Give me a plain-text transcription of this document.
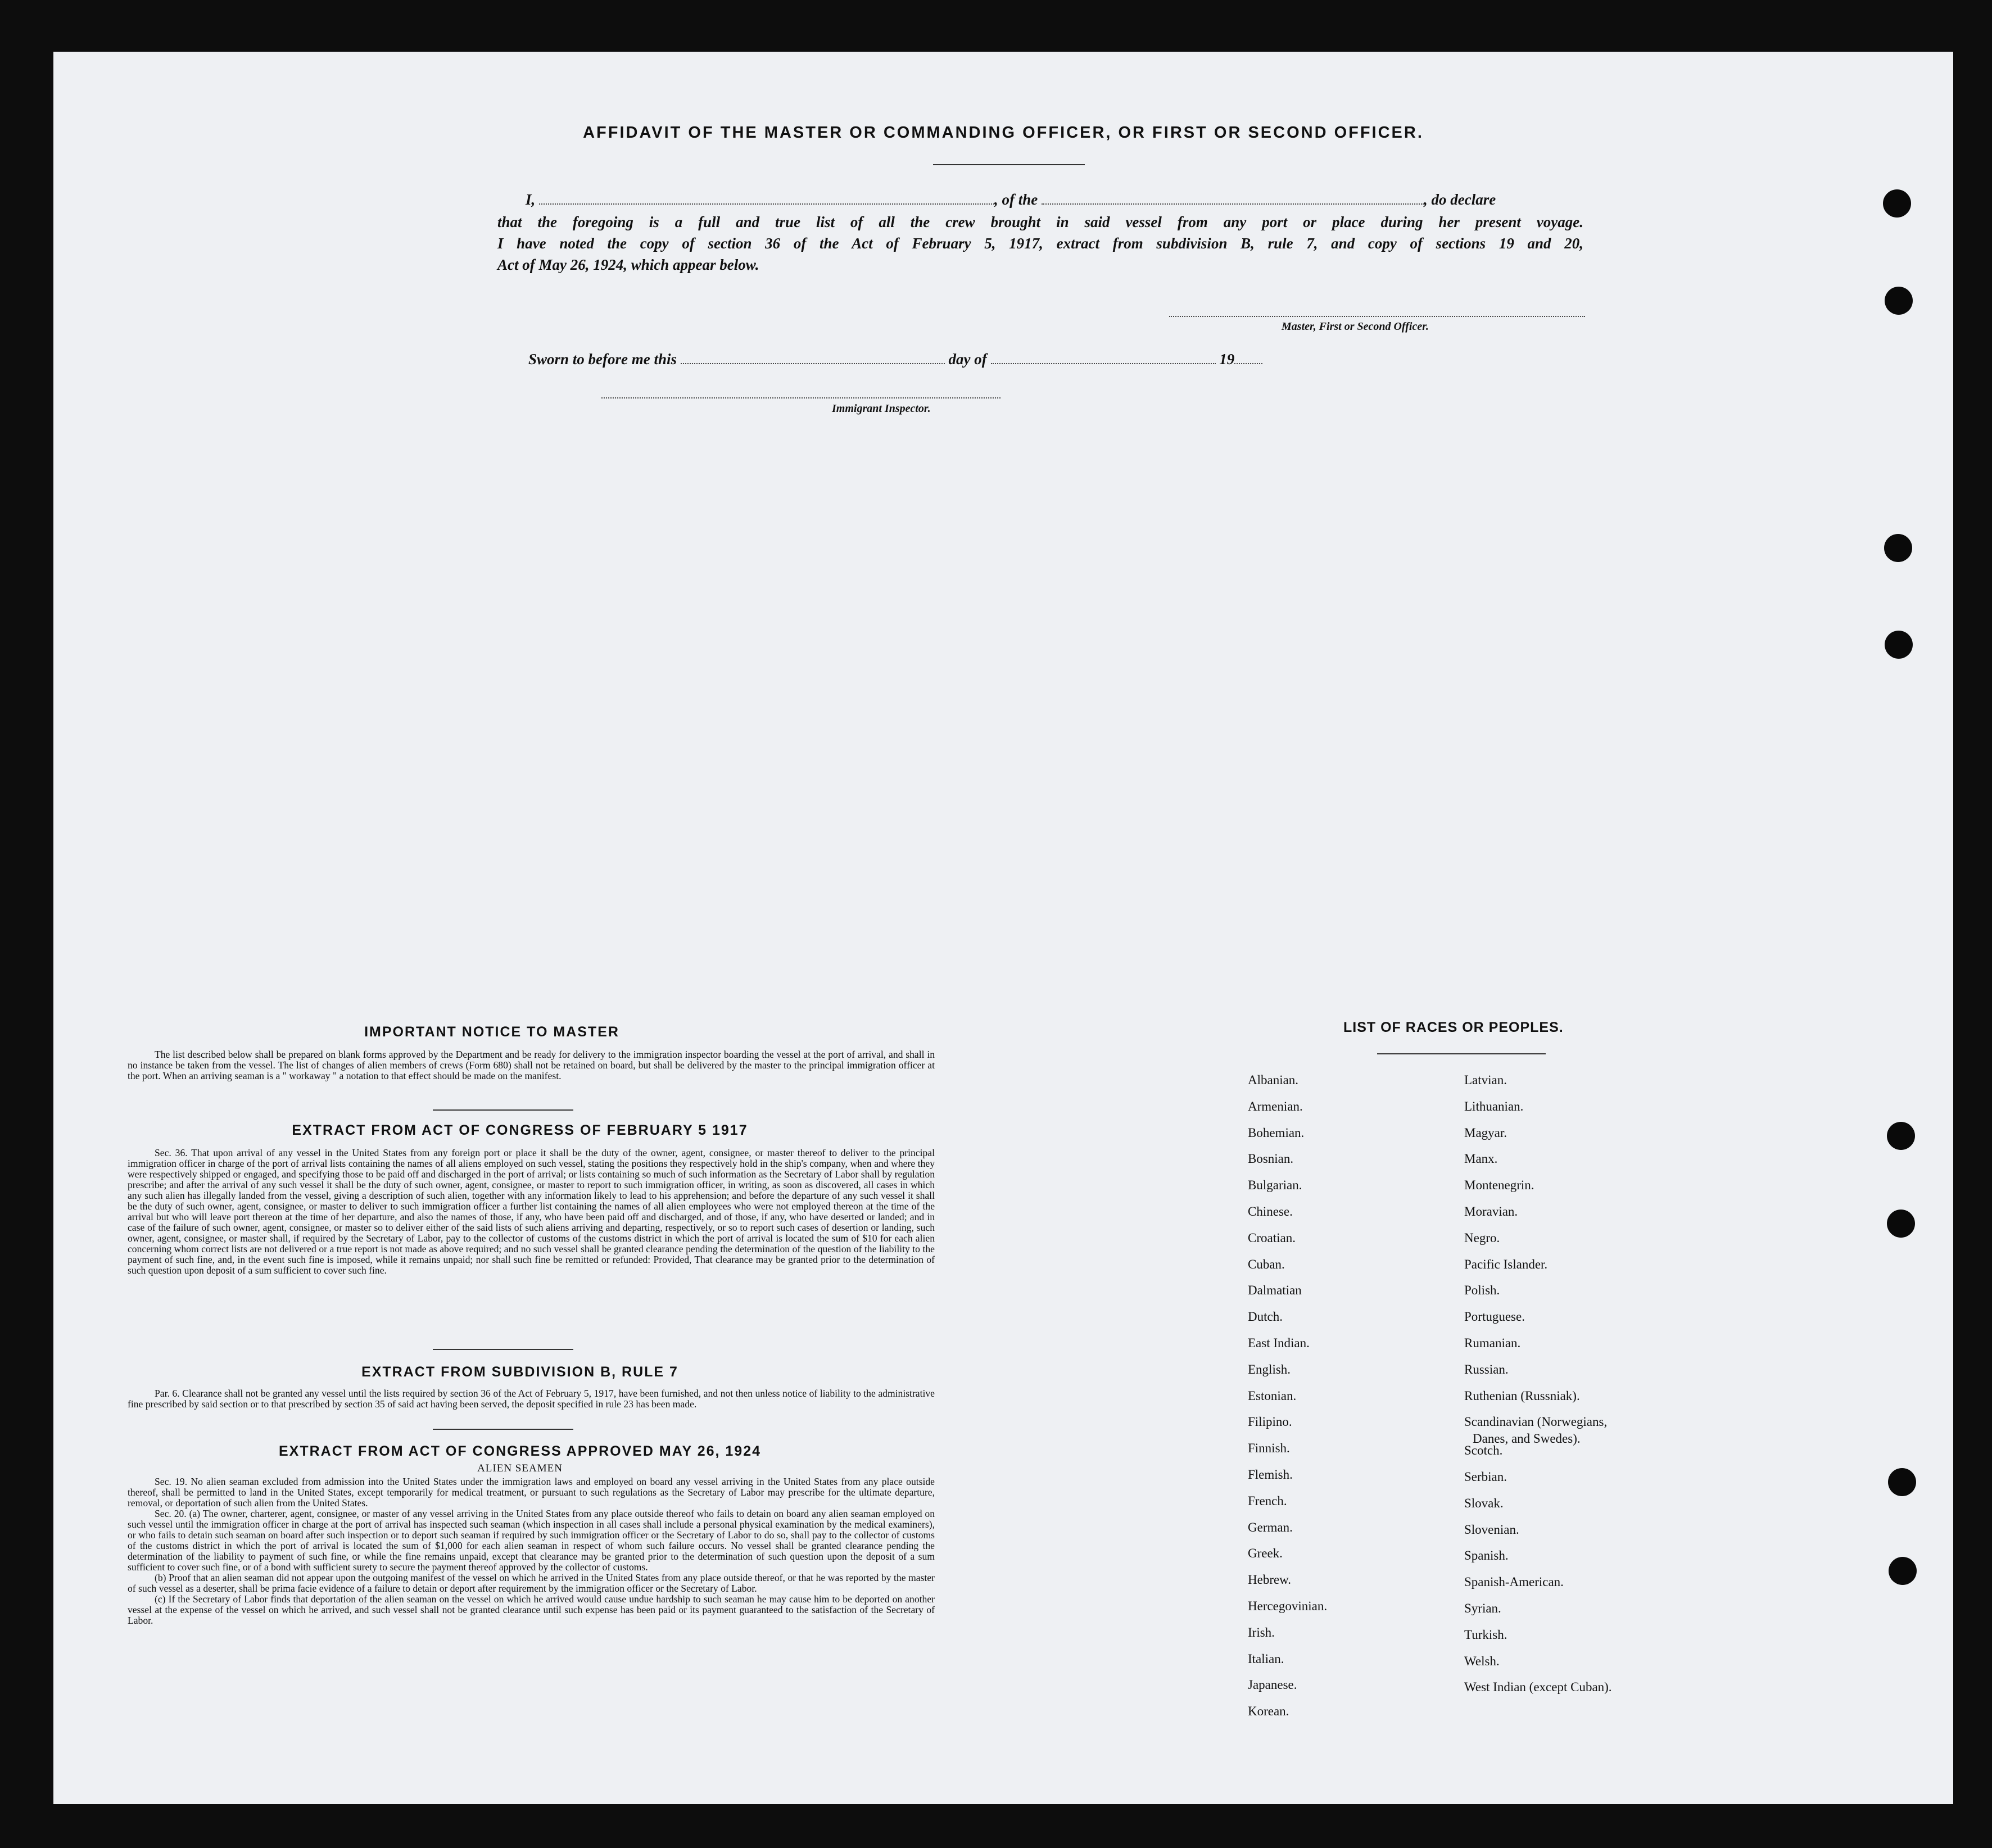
AFFIDAVIT OF THE MASTER OR COMMANDING OFFICER, OR FIRST OR SECOND OFFICER.
I,	, of the	, do declare
that the foregoing is a full and true list of all the crew brought in said vessel from any port or place during her present voyage.
I have noted the copy of section 36 of the Act of February 5, 1917, extract from subdivision B, rule 7, and copy of sections 19 and 20,
Act of May 26, 1924, which appear below.
Master, First or Second Officer.
Sworn to before me this	day of	19
Immigrant Inspector.
IMPORTANT NOTICE TO MASTER

The list described below shall be prepared on blank forms approved by the Department and be ready for delivery to the immigration inspector boarding the vessel at the port of arrival, and shall in no instance be taken from the vessel. The list of changes of alien members of crews (Form 680) shall not be retained on board, but shall be delivered by the master to the principal immigration officer at the port. When an arriving seaman is a " workaway " a notation to that effect should be made on the manifest.

EXTRACT FROM ACT OF CONGRESS OF FEBRUARY 5 1917

Sec. 36. That upon arrival of any vessel in the United States from any foreign port or place it shall be the duty of the owner, agent, consignee, or master thereof to deliver to the principal immigration officer in charge of the port of arrival lists containing the names of all aliens employed on such vessel, stating the positions they respectively hold in the ship's company, when and where they were respectively shipped or engaged, and specifying those to be paid off and discharged in the port of arrival; or lists containing so much of such information as the Secretary of Labor shall by regulation prescribe; and after the arrival of any such vessel it shall be the duty of such owner, agent, consignee, or master to report to such immigration officer, in writing, as soon as discovered, all cases in which any such alien has illegally landed from the vessel, giving a description of such alien, together with any information likely to lead to his apprehension; and before the departure of any such vessel it shall be the duty of such owner, agent, consignee, or master to deliver to such immigration officer a further list containing the names of all alien employees who were not employed thereon at the time of the arrival but who will leave port thereon at the time of her departure, and also the names of those, if any, who have been paid off and discharged, and of those, if any, who have deserted or landed; and in case of the failure of such owner, agent, consignee, or master so to deliver either of the said lists of such aliens arriving and departing, respectively, or so to report such cases of desertion or landing, such owner, agent, consignee, or master shall, if required by the Secretary of Labor, pay to the collector of customs of the customs district in which the port of arrival is located the sum of $10 for each alien concerning whom correct lists are not delivered or a true report is not made as above required; and no such vessel shall be granted clearance pending the determination of the question of the liability to the payment of such fine, and, in the event such fine is imposed, while it remains unpaid; nor shall such fine be remitted or refunded: Provided, That clearance may be granted prior to the determination of such question upon deposit of a sum sufficient to cover such fine.

EXTRACT FROM SUBDIVISION B, RULE 7

Par. 6. Clearance shall not be granted any vessel until the lists required by section 36 of the Act of February 5, 1917, have been furnished, and not then unless notice of liability to the administrative fine prescribed by said section or to that prescribed by section 35 of said act having been served, the deposit specified in rule 23 has been made.

EXTRACT FROM ACT OF CONGRESS APPROVED MAY 26, 1924
ALIEN SEAMEN

Sec. 19. No alien seaman excluded from admission into the United States under the immigration laws and employed on board any vessel arriving in the United States from any place outside thereof, shall be permitted to land in the United States, except temporarily for medical treatment, or pursuant to such regulations as the Secretary of Labor may prescribe for the ultimate departure, removal, or deportation of such alien from the United States.

Sec. 20. (a) The owner, charterer, agent, consignee, or master of any vessel arriving in the United States from any place outside thereof who fails to detain on board any alien seaman employed on such vessel until the immigration officer in charge at the port of arrival has inspected such seaman (which inspection in all cases shall include a personal physical examination by the medical examiners), or who fails to detain such seaman on board after such inspection or to deport such seaman if required by such immigration officer or the Secretary of Labor to do so, shall pay to the collector of customs of the customs district in which the port of arrival is located the sum of $1,000 for each alien seaman in respect of whom such failure occurs. No vessel shall be granted clearance pending the determination of the liability to payment of such fine, or while the fine remains unpaid, except that clearance may be granted prior to the determination of such question upon the deposit of a sum sufficient to cover such fine, or of a bond with sufficient surety to secure the payment thereof approved by the collector of customs.

(b) Proof that an alien seaman did not appear upon the outgoing manifest of the vessel on which he arrived in the United States from any place outside thereof, or that he was reported by the master of such vessel as a deserter, shall be prima facie evidence of a failure to detain or deport after requirement by the immigration officer or the Secretary of Labor.

(c) If the Secretary of Labor finds that deportation of the alien seaman on the vessel on which he arrived would cause undue hardship to such seaman he may cause him to be deported on another vessel at the expense of the vessel on which he arrived, and such vessel shall not be granted clearance until such expense has been paid or its payment guaranteed to the satisfaction of the Secretary of Labor.

LIST OF RACES OR PEOPLES.
Albanian.
Armenian.
Bohemian.
Bosnian.
Bulgarian.
Chinese.
Croatian.
Cuban.
Dalmatian
Dutch.
East Indian.
English.
Estonian.
Filipino.
Finnish.
Flemish.
French.
German.
Greek.
Hebrew.
Hercegovinian.
Irish.
Italian.
Japanese.
Korean.
Latvian.
Lithuanian.
Magyar.
Manx.
Montenegrin.
Moravian.
Negro.
Pacific Islander.
Polish.
Portuguese.
Rumanian.
Russian.
Ruthenian (Russniak).
Scandinavian (Norwegians,
Danes, and Swedes).
Scotch.
Serbian.
Slovak.
Slovenian.
Spanish.
Spanish-American.
Syrian.
Turkish.
Welsh.
West Indian (except Cuban).
